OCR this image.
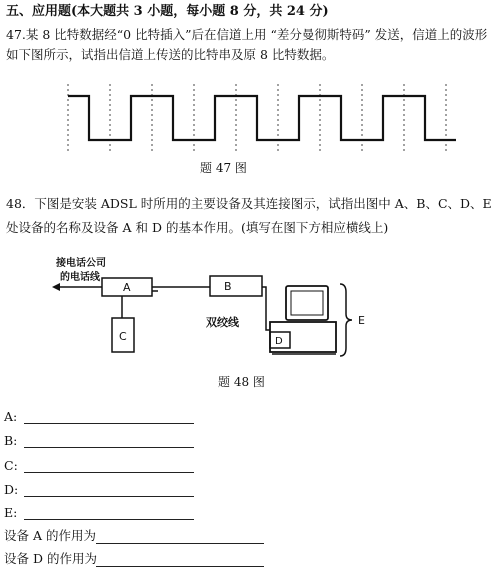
五、应用题(本大题共 3 小题，每小题 8 分，共 24 分)
47.某 8 比特数据经“0 比特插入”后在信道上用 “差分曼彻斯特码” 发送，信道上的波形如下图所示，试指出信道上传送的比特串及原 8 比特数据。
题 47 图
48．下图是安装 ADSL 时所用的主要设备及其连接图示，试指出图中 A、B、C、D、E 处设备的名称及设备 A 和 D 的基本作用。(填写在图下方相应横线上)
接电话公司
的电话线
A
C
B
双绞线
D
E
题 48 图
A:
B:
C:
D:
E:
设备 A 的作用为
设备 D 的作用为
